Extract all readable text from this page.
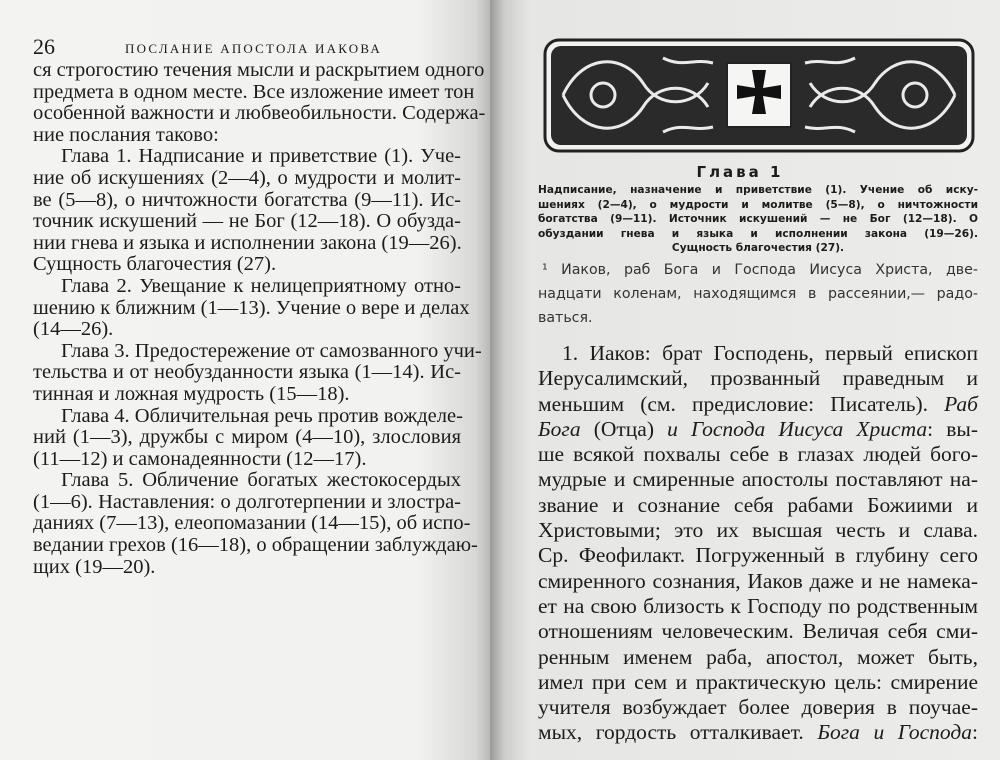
26	ПОСЛАНИЕ АПОСТОЛА ИАКОВА
ся строгостию течения мысли и раскрытием одного
предмета в одном месте. Все изложение имеет тон
особенной важности и любвеобильности. Содержа-
ние послания таково:
Глава 1. Надписание и приветствие (1). Уче-
ние об искушениях (2—4), о мудрости и молит-
ве (5—8), о ничтожности богатства (9—11). Ис-
точник искушений — не Бог (12—18). О обузда-
нии гнева и языка и исполнении закона (19—26).
Сущность благочестия (27).
Глава 2. Увещание к нелицеприятному отно-
шению к ближним (1—13). Учение о вере и делах
(14—26).
Глава 3. Предостережение от самозванного учи-
тельства и от необузданности языка (1—14). Ис-
тинная и ложная мудрость (15—18).
Глава 4. Обличительная речь против вожделе-
ний (1—3), дружбы с миром (4—10), злословия
(11—12) и самонадеянности (12—17).
Глава 5. Обличение богатых жестокосердых
(1—6). Наставления: о долготерпении и злостра-
даниях (7—13), елеопомазании (14—15), об испо-
ведании грехов (16—18), о обращении заблуждаю-
щих (19—20).
Глава 1
Надписание, назначение и приветствие (1). Учение об иску-
шениях (2—4), о мудрости и молитве (5—8), о ничтожности
богатства (9—11). Источник искушений — не Бог (12—18). О
обуздании гнева и языка и исполнении закона (19—26).
Сущность благочестия (27).
¹ Иаков, раб Бога и Господа Иисуса Христа, две-
надцати коленам, находящимся в рассеянии,— радо-
ваться.
1. Иаков: брат Господень, первый епископ
Иерусалимский, прозванный праведным и
меньшим (см. предисловие: Писатель). Раб
Бога (Отца) и Господа Иисуса Христа: вы-
ше всякой похвалы себе в глазах людей бого-
мудрые и смиренные апостолы поставляют на-
звание и сознание себя рабами Божиими и
Христовыми; это их высшая честь и слава.
Ср. Феофилакт. Погруженный в глубину сего
смиренного сознания, Иаков даже и не намека-
ет на свою близость к Господу по родственным
отношениям человеческим. Величая себя сми-
ренным именем раба, апостол, может быть,
имел при сем и практическую цель: смирение
учителя возбуждает более доверия в поучае-
мых, гордость отталкивает. Бога и Господа:
